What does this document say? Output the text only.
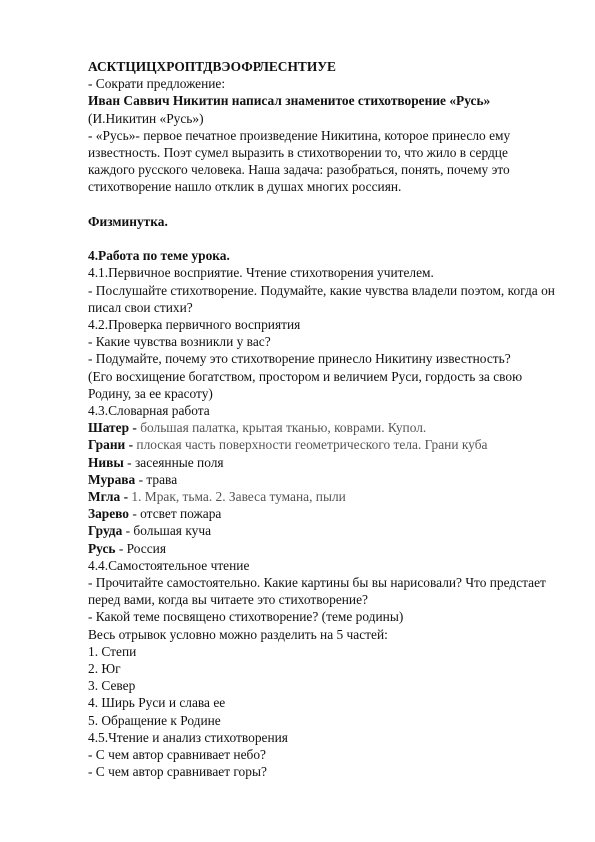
АСКТЦИЦХРОПТДВЭОФРЛЕСНТИУЕ
- Сократи предложение:
Иван Саввич Никитин написал знаменитое стихотворение «Русь»
(И.Никитин «Русь»)
- «Русь»- первое печатное произведение Никитина, которое принесло ему известность. Поэт сумел выразить в стихотворении то, что жило в сердце каждого русского человека. Наша задача: разобраться, понять, почему это стихотворение нашло отклик в душах многих россиян.
Физминутка.
4.Работа по теме урока.
4.1.Первичное восприятие. Чтение стихотворения учителем.
- Послушайте стихотворение. Подумайте, какие чувства владели поэтом, когда он писал свои стихи?
4.2.Проверка первичного восприятия
- Какие чувства возникли у вас?
- Подумайте, почему это стихотворение принесло Никитину известность?
(Его восхищение богатством, простором и величием Руси, гордость за свою Родину, за ее красоту)
4.3.Словарная работа
Шатер - большая палатка, крытая тканью, коврами. Купол.
Грани - плоская часть поверхности геометрического тела. Грани куба
Нивы - засеянные поля
Мурава - трава
Мгла - 1. Мрак, тьма. 2. Завеса тумана, пыли
Зарево - отсвет пожара
Груда - большая куча
Русь - Россия
4.4.Самостоятельное чтение
- Прочитайте самостоятельно. Какие картины бы вы нарисовали? Что предстает перед вами, когда вы читаете это стихотворение?
- Какой теме посвящено стихотворение? (теме родины)
Весь отрывок условно можно разделить на 5 частей:
1. Степи
2. Юг
3. Север
4. Ширь Руси и слава ее
5. Обращение к Родине
4.5.Чтение и анализ стихотворения
- С чем автор сравнивает небо?
- С чем автор сравнивает горы?
